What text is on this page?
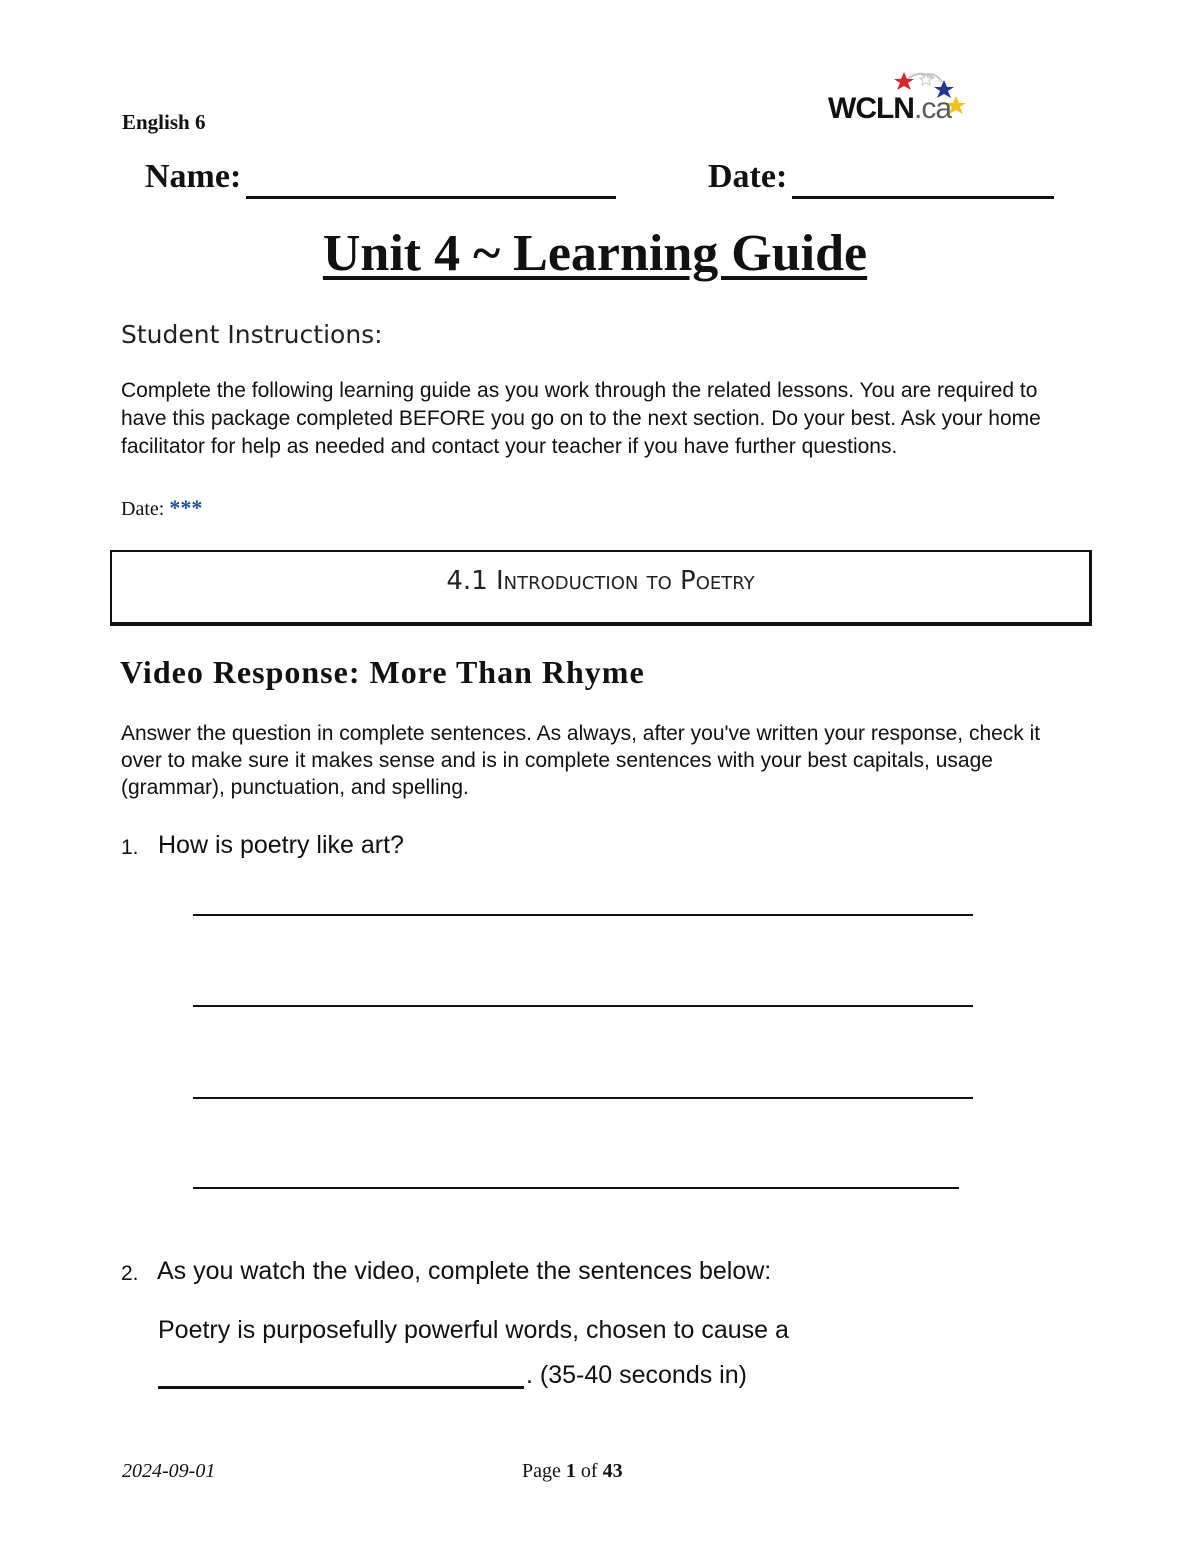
English 6	WCLN.ca
Name:	Date:
Unit 4 ~ Learning Guide
Student Instructions:
Complete the following learning guide as you work through the related lessons. You are required to have this package completed BEFORE you go on to the next section. Do your best. Ask your home facilitator for help as needed and contact your teacher if you have further questions.
Date: ***
4.1 Introduction to Poetry
Video Response: More Than Rhyme
Answer the question in complete sentences. As always, after you've written your response, check it over to make sure it makes sense and is in complete sentences with your best capitals, usage (grammar), punctuation, and spelling.
1. How is poetry like art?
2. As you watch the video, complete the sentences below:
Poetry is purposefully powerful words, chosen to cause a
. (35-40 seconds in)
2024-09-01	Page 1 of 43
